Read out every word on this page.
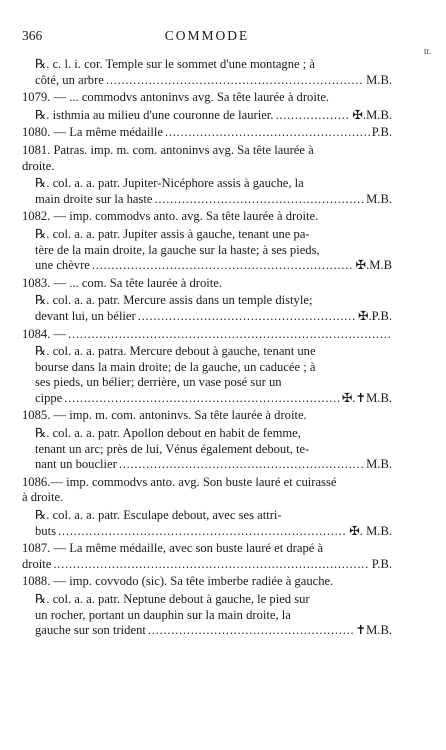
366	COMMODE
tr.
℞. c. l. i. cor. Temple sur le sommet d'une montagne ; à
côté, un arbre . . .	M.B.
1079. — ... commodvs antoninvs avg. Sa tête laurée à droite.
℞. isthmia au milieu d'une couronne de laurier. . . .	✠.M.B.
1080. — La même médaille . . .	P.B.
1081. Patras. imp. m. com. antoninvs avg. Sa tête laurée à
droite.
℞. col. a. a. patr. Jupiter-Nicéphore assis à gauche, la
main droite sur la haste . . .	M.B.
1082. — imp. commodvs anto. avg. Sa tête laurée à droite.
℞. col. a. a. patr. Jupiter assis à gauche, tenant une pa-
tère de la main droite, la gauche sur la haste; à ses pieds,
une chèvre . . .	✠.M.B
1083. — ... com. Sa tête laurée à droite.
℞. col. a. a. patr. Mercure assis dans un temple distyle;
devant lui, un bélier . . .	✠.P.B.
1084. —
. . .
℞. col. a. a. patra. Mercure debout à gauche, tenant une
bourse dans la main droite; de la gauche, un caducée ; à
ses pieds, un bélier; derrière, un vase posé sur un
cippe . . .	✠.✝M.B.
1085. — imp. m. com. antoninvs. Sa tête laurée à droite.
℞. col. a. a. patr. Apollon debout en habit de femme,
tenant un arc; près de lui, Vénus également debout, te-
nant un bouclier . . .	M.B.
1086.— imp. commodvs anto. avg. Son buste lauré et cuirassé
à droite.
℞. col. a. a. patr. Esculape debout, avec ses attri-
buts . . .	✠. M.B.
1087. — La même médaille, avec son buste lauré et drapé à
droite . . .	P.B.
1088. — imp. covvodo (sic). Sa tête imberbe radiée à gauche.
℞. col. a. a. patr. Neptune debout à gauche, le pied sur
un rocher, portant un dauphin sur la main droite, la
gauche sur son trident . . .	✝M.B.
